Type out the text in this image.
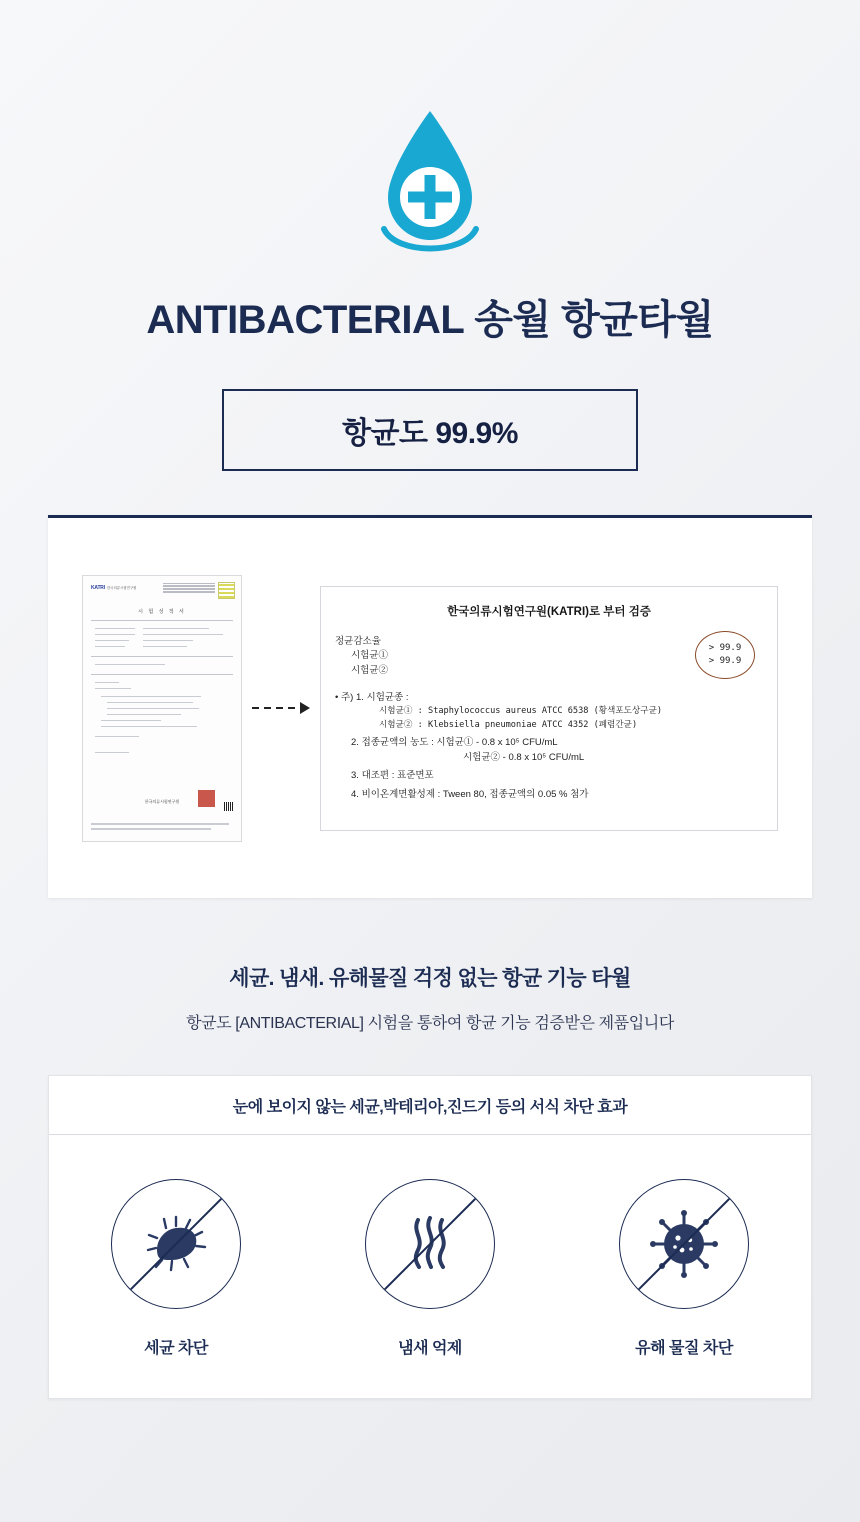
ANTIBACTERIAL 송월 항균타월
항균도 99.9%
KATRI 한국의류시험연구원
시 험 성 적 서
한국의류시험연구원
한국의류시험연구원(KATRI)로 부터 검증
정균감소율
시험균①
시험균②
> 99.9
> 99.9
• 주) 1. 시험균종 :
시험균① : Staphylococcus aureus ATCC 6538 (황색포도상구균)
시험균② : Klebsiella pneumoniae ATCC 4352 (폐렴간균)
2. 접종균액의 농도 : 시험균① - 0.8 x 10⁵ CFU/mL
시험균② - 0.8 x 10⁵ CFU/mL
3. 대조편 : 표준면포
4. 비이온계면활성제 : Tween 80, 접종균액의 0.05 % 첨가
세균. 냄새. 유해물질 걱정 없는 항균 기능 타월
항균도 [ANTIBACTERIAL] 시험을 통하여 항균 기능 검증받은 제품입니다
눈에 보이지 않는 세균,박테리아,진드기 등의 서식 차단 효과
세균 차단	냄새 억제	유해 물질 차단
